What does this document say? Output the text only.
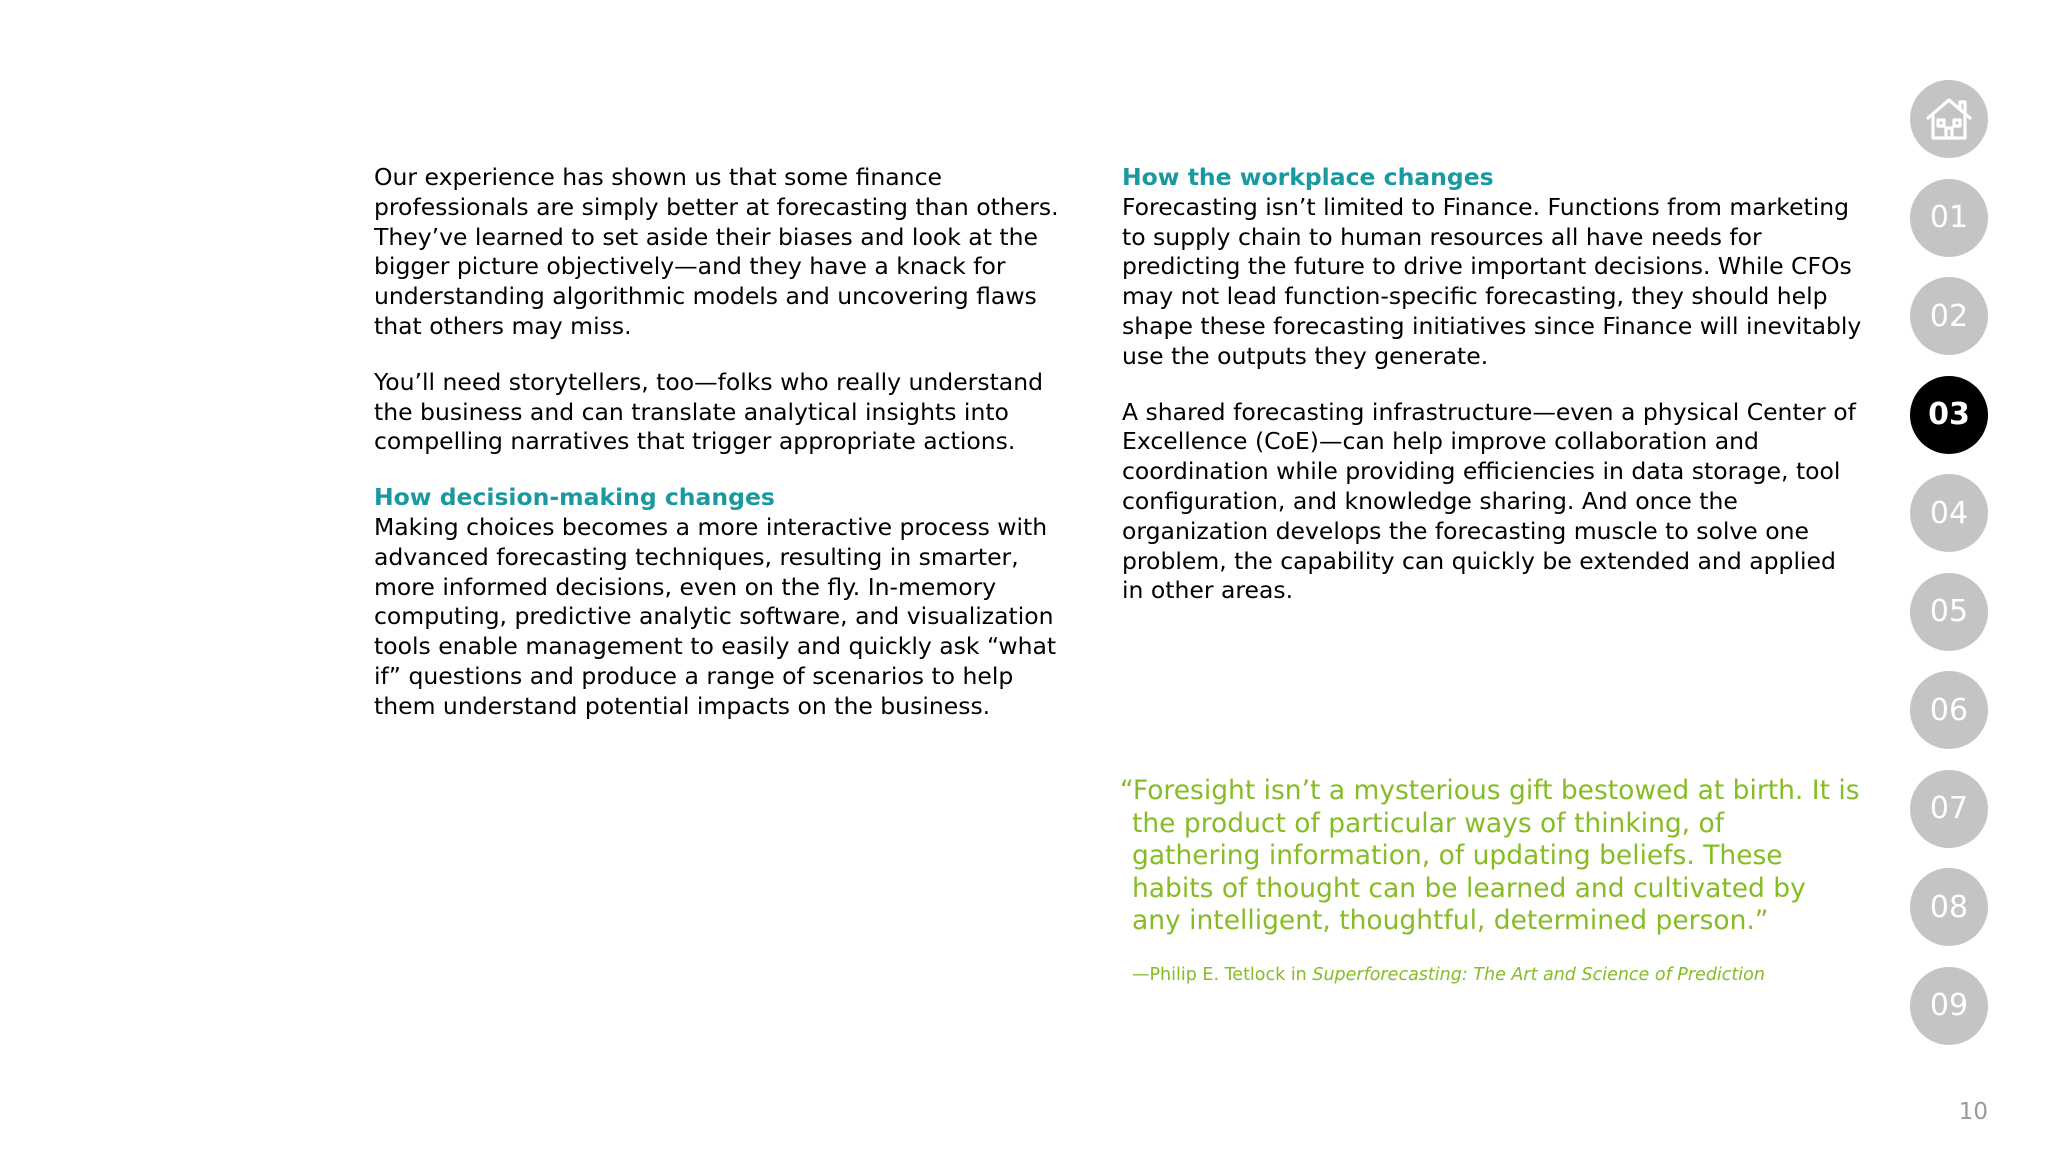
Our experience has shown us that some finance professionals are simply better at forecasting than others. They’ve learned to set aside their biases and look at the bigger picture objectively—and they have a knack for understanding algorithmic models and uncovering flaws that others may miss.

You’ll need storytellers, too—folks who really understand the business and can translate analytical insights into compelling narratives that trigger appropriate actions.

How decision-making changes

Making choices becomes a more interactive process with advanced forecasting techniques, resulting in smarter, more informed decisions, even on the fly. In-memory computing, predictive analytic software, and visualization tools enable management to easily and quickly ask “what if” questions and produce a range of scenarios to help them understand potential impacts on the business.

How the workplace changes

Forecasting isn’t limited to Finance. Functions from marketing to supply chain to human resources all have needs for predicting the future to drive important decisions. While CFOs may not lead function-specific forecasting, they should help shape these forecasting initiatives since Finance will inevitably use the outputs they generate.

A shared forecasting infrastructure—even a physical Center of Excellence (CoE)—can help improve collaboration and coordination while providing efficiencies in data storage, tool configuration, and knowledge sharing. And once the organization develops the forecasting muscle to solve one problem, the capability can quickly be extended and applied in other areas.

“Foresight isn’t a mysterious gift bestowed at birth. It is the product of particular ways of thinking, of gathering information, of updating beliefs. These habits of thought can be learned and cultivated by any intelligent, thoughtful, determined person.”

—Philip E. Tetlock in Superforecasting: The Art and Science of Prediction

01
02
03
04
05
06
07
08
09
10
